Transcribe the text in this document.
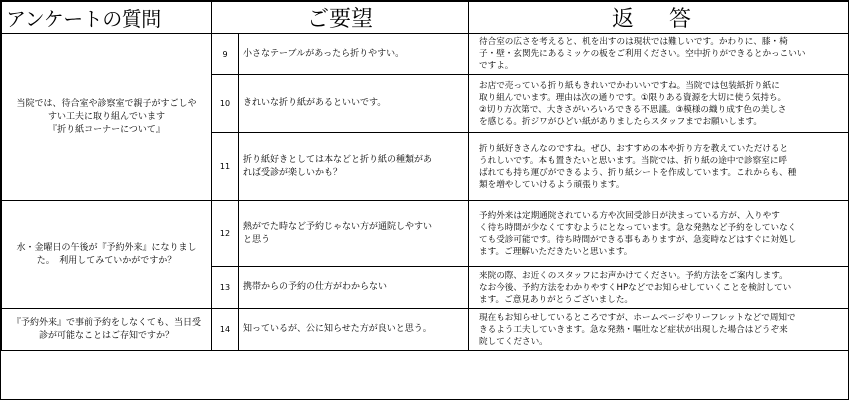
アンケートの質問	ご要望		返 答

当院では、待合室や診察室で親子がすごしや
すい工夫に取り組んでいます
『折り紙コーナーについて』	9	小さなテーブルがあったら折りやすい。	待合室の広さを考えると、机を出すのは現状では難しいです。かわりに、膝・椅
子・壁・玄関先にあるミッケの板をご利用ください。空中折りができるとかっこいい
ですよ。

	10	きれいな折り紙があるといいです。	お店で売っている折り紙もきれいでかわいいですね。当院では包装紙折り紙に
取り組んでいます。理由は次の通りです。①限りある資源を大切に使う気持ち。
②切り方次第で、大きさがいろいろできる不思議。③模様の織り成す色の美しさ
を感じる。折ジワがひどい紙がありましたらスタッフまでお願いします。

	11	折り紙好きとしては本などと折り紙の種類があ
れば受診が楽しいかも？	折り紙好きさんなのですね。ぜひ、おすすめの本や折り方を教えていただけると
うれしいです。本も置きたいと思います。当院では、折り紙の途中で診察室に呼
ばれても持ち運びができるよう、折り紙シートを作成しています。これからも、種
類を増やしていけるよう頑張ります。

水・金曜日の午後が『予約外来』になりまし
た。　利用してみていかがですか？	12	熱がでた時など予約じゃない方が通院しやすい
と思う	予約外来は定期通院されている方や次回受診日が決まっている方が、入りやす
く待ち時間が少なくてすむようにとなっています。急な発熱など予約をしていなく
ても受診可能です。待ち時間ができる事もありますが、急変時などはすぐに対処し
ます。ご理解いただきたいと思います。

	13	携帯からの予約の仕方がわからない	来院の際、お近くのスタッフにお声かけてください。予約方法をご案内します。
なお今後、予約方法をわかりやすくHPなどでお知らせしていくことを検討してい
ます。ご意見ありがとうございました。

『予約外来』で事前予約をしなくても、当日受
診が可能なことはご存知ですか？	14	知っているが、公に知らせた方が良いと思う。	現在もお知らせしているところですが、ホームページやリーフレットなどで周知で
きるよう工夫していきます。急な発熱・嘔吐など症状が出現した場合はどうぞ来
院してください。
